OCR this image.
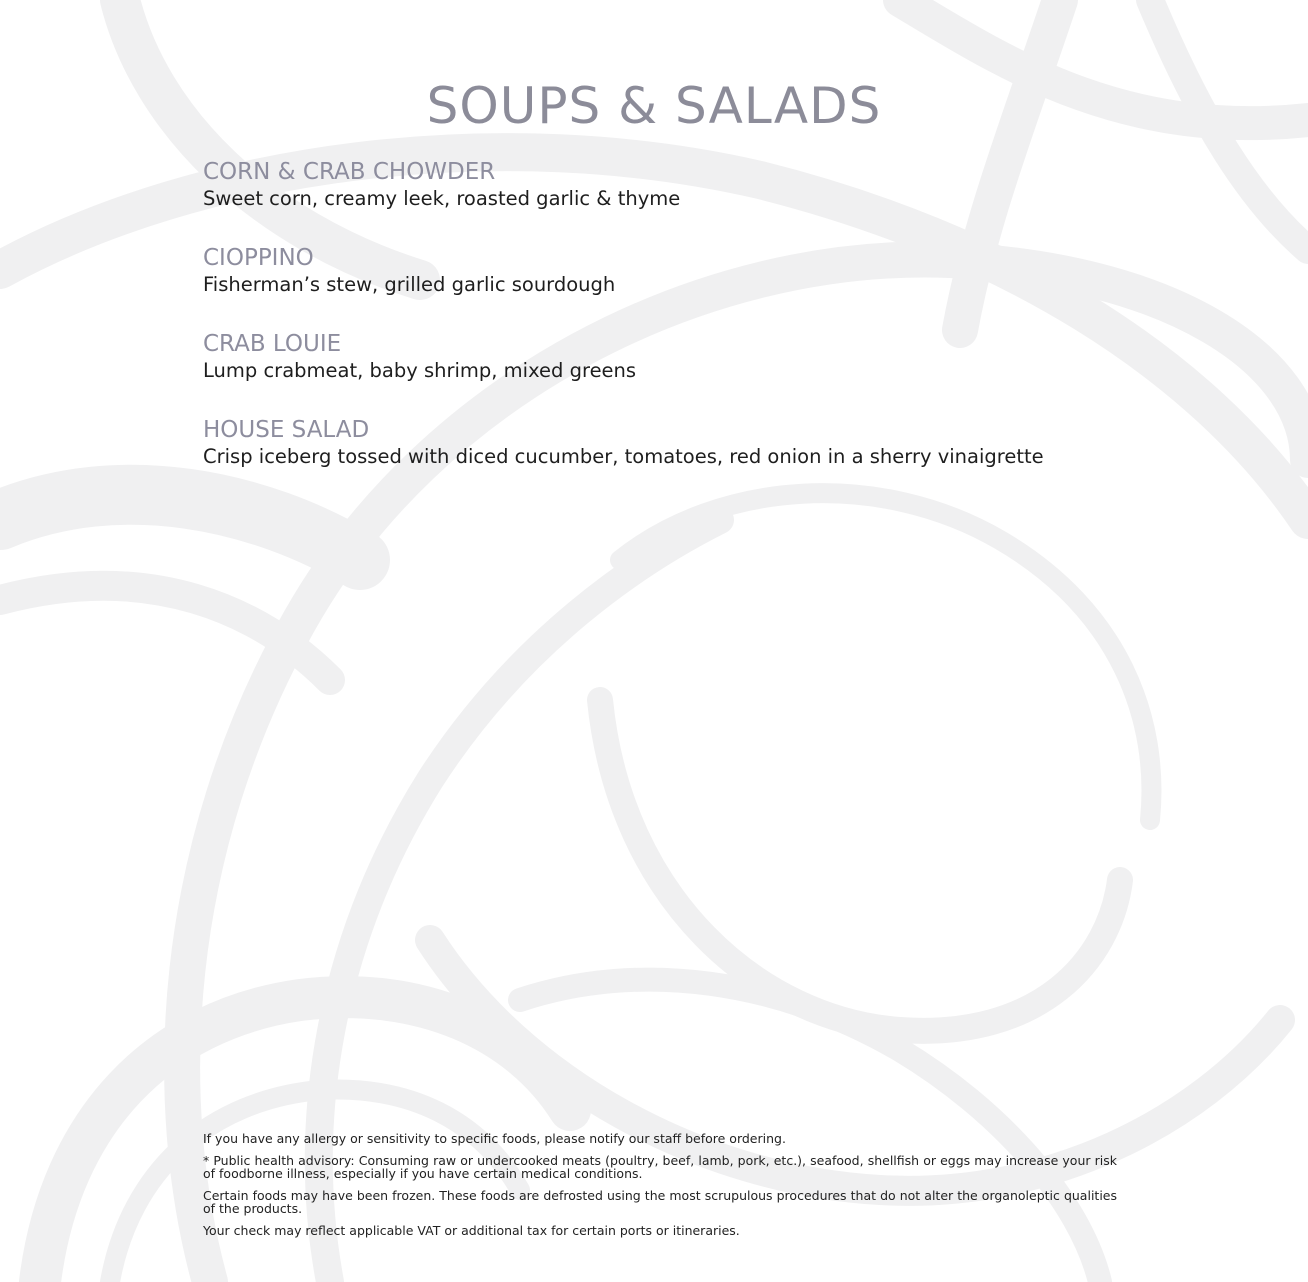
SOUPS & SALADS
CORN & CRAB CHOWDER
Sweet corn, creamy leek, roasted garlic & thyme
CIOPPINO
Fisherman’s stew, grilled garlic sourdough
CRAB LOUIE
Lump crabmeat, baby shrimp, mixed greens
HOUSE SALAD
Crisp iceberg tossed with diced cucumber, tomatoes, red onion in a sherry vinaigrette

If you have any allergy or sensitivity to specific foods, please notify our staff before ordering.

* Public health advisory: Consuming raw or undercooked meats (poultry, beef, lamb, pork, etc.), seafood, shellfish or eggs may increase your risk of foodborne illness, especially if you have certain medical conditions.

Certain foods may have been frozen. These foods are defrosted using the most scrupulous procedures that do not alter the organoleptic qualities of the products.

Your check may reflect applicable VAT or additional tax for certain ports or itineraries.
